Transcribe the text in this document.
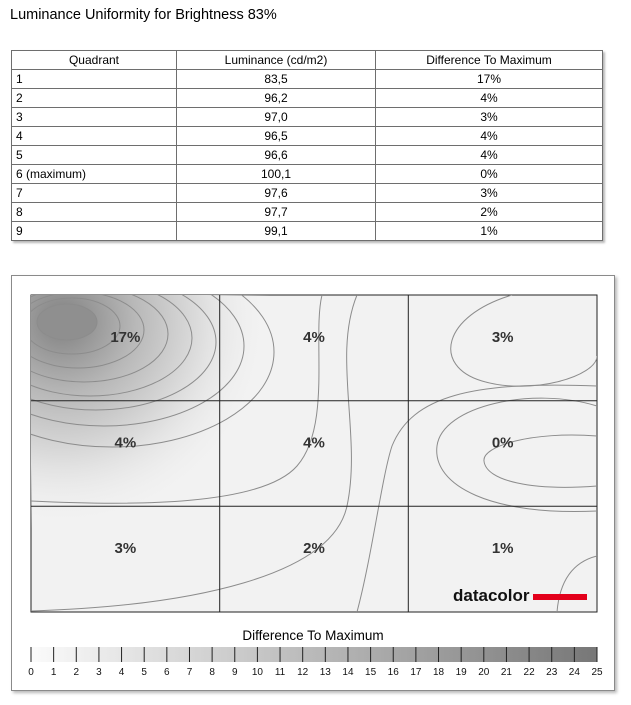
Luminance Uniformity for Brightness 83%
Quadrant	Luminance (cd/m2)	Difference To Maximum
1	83,5	17%
2	96,2	4%
3	97,0	3%
4	96,5	4%
5	96,6	4%
6 (maximum)	100,1	0%
7	97,6	3%
8	97,7	2%
9	99,1	1%
17%	4%	3%
4%	4%	0%
3%	2%	1%
datacolor
Difference To Maximum
0 1 2 3 4 5 6 7 8 9 10 11 12 13 14 15 16 17 18 19 20 21 22 23 24 25
